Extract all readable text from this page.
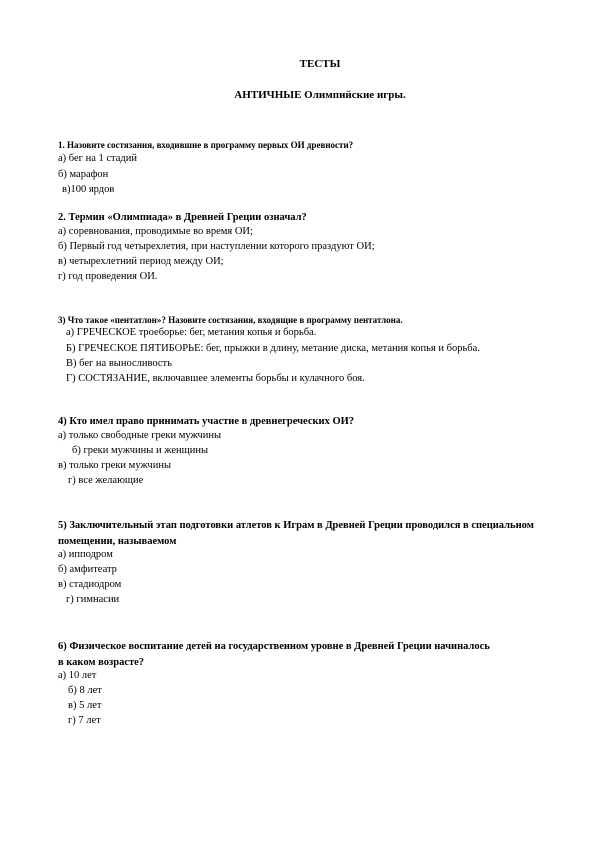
ТЕСТЫ
АНТИЧНЫЕ Олимпийские игры.
1. Назовите состязания, входившие в программу первых ОИ древности?
а) бег на 1 стадий
б) марафон
в)100 ярдов
2. Термин «Олимпиада» в Древней Греции означал?
а) соревнования, проводимые во время ОИ;
б) Первый год четырехлетия, при наступлении которого праздуют ОИ;
в) четырехлетний период между ОИ;
г) год проведения ОИ.
3) Что такое «пентатлон»? Назовите состязания, входящие в программу пентатлона.
а) ГРЕЧЕСКОЕ троеборье: бег, метания копья и борьба.
Б) ГРЕЧЕСКОЕ ПЯТИБОРЬЕ: бег, прыжки в длину, метание диска, метания копья и борьба.
В) бег на выносливость
Г) СОСТЯЗАНИЕ, включавшее элементы борьбы и кулачного боя.
4) Кто имел право принимать участие в древнегреческих ОИ?
а) только свободные греки мужчины
б) греки мужчины и женщины
в) только греки мужчины
г) все желающие
5) Заключительный этап подготовки атлетов к Играм в Древней Греции проводился в специальном помещении, называемом
а) ипподром
б) амфитеатр
в) стадиодром
г) гимнасии
6) Физическое воспитание детей на государственном уровне в Древней Греции начиналось в каком возрасте?
а) 10 лет
б) 8 лет
в) 5 лет
г) 7 лет
